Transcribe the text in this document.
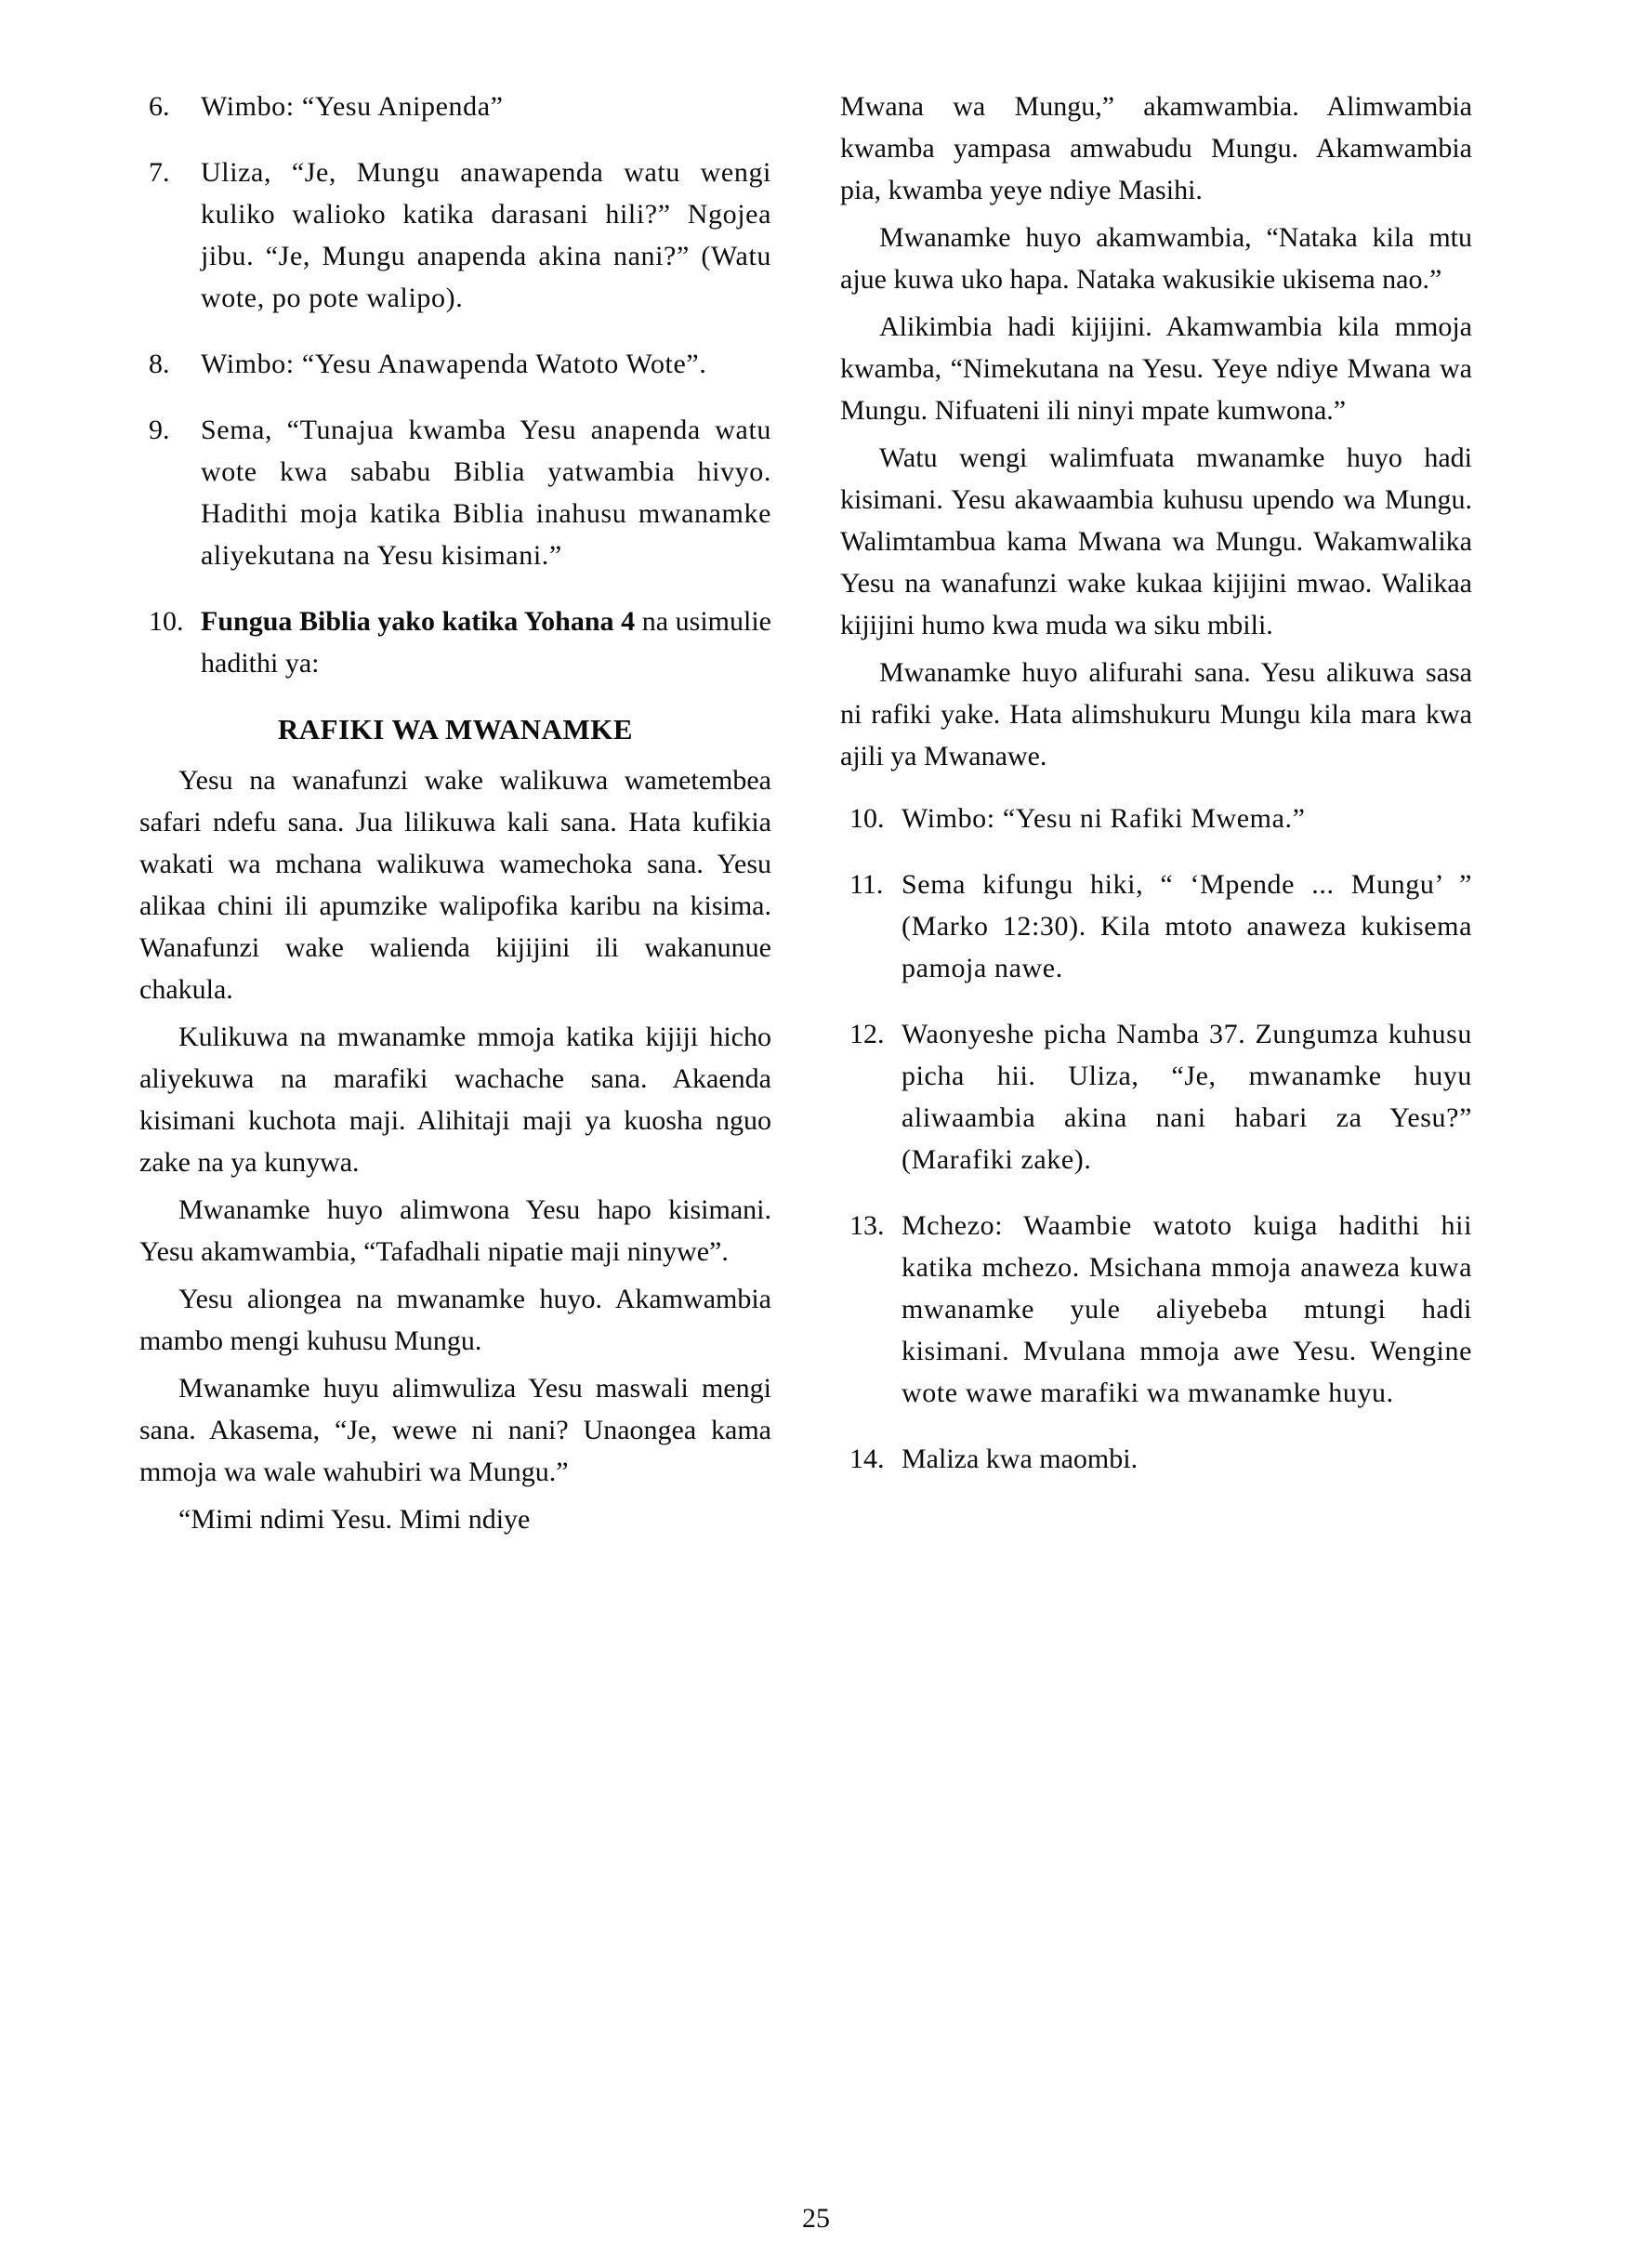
6.	Wimbo: “Yesu Anipenda”
7.	Uliza, “Je, Mungu anawapenda watu wengi kuliko walioko katika darasani hili?” Ngojea jibu. “Je, Mungu anapenda akina nani?” (Watu wote, po pote walipo).
8.	Wimbo: “Yesu Anawapenda Watoto Wote”.
9.	Sema, “Tunajua kwamba Yesu anapenda watu wote kwa sababu Biblia yatwambia hivyo. Hadithi moja katika Biblia inahusu mwanamke aliyekutana na Yesu kisimani.”
10. Fungua Biblia yako katika Yohana 4 na usimulie hadithi ya:
RAFIKI WA MWANAMKE

Yesu na wanafunzi wake walikuwa wametembea safari ndefu sana. Jua lilikuwa kali sana. Hata kufikia wakati wa mchana walikuwa wamechoka sana. Yesu alikaa chini ili apumzike walipofika karibu na kisima. Wanafunzi wake walienda kijijini ili wakanunue chakula.

Kulikuwa na mwanamke mmoja katika kijiji hicho aliyekuwa na marafiki wachache sana. Akaenda kisimani kuchota maji. Alihitaji maji ya kuosha nguo zake na ya kunywa.

Mwanamke huyo alimwona Yesu hapo kisimani. Yesu akamwambia, “Tafadhali nipatie maji ninywe”.

Yesu aliongea na mwanamke huyo. Akamwambia mambo mengi kuhusu Mungu.

Mwanamke huyu alimwuliza Yesu maswali mengi sana. Akasema, “Je, wewe ni nani? Unaongea kama mmoja wa wale wahubiri wa Mungu.”

“Mimi ndimi Yesu. Mimi ndiye

Mwana wa Mungu,” akamwambia. Alimwambia kwamba yampasa amwabudu Mungu. Akamwambia pia, kwamba yeye ndiye Masihi.

Mwanamke huyo akamwambia, “Nataka kila mtu ajue kuwa uko hapa. Nataka wakusikie ukisema nao.”

Alikimbia hadi kijijini. Akamwambia kila mmoja kwamba, “Nimekutana na Yesu. Yeye ndiye Mwana wa Mungu. Nifuateni ili ninyi mpate kumwona.”

Watu wengi walimfuata mwanamke huyo hadi kisimani. Yesu akawaambia kuhusu upendo wa Mungu. Walimtambua kama Mwana wa Mungu. Wakamwalika Yesu na wanafunzi wake kukaa kijijini mwao. Walikaa kijijini humo kwa muda wa siku mbili.

Mwanamke huyo alifurahi sana. Yesu alikuwa sasa ni rafiki yake. Hata alimshukuru Mungu kila mara kwa ajili ya Mwanawe.

10. Wimbo: “Yesu ni Rafiki Mwema.”
11. Sema kifungu hiki, “ ‘Mpende ... Mungu’ ” (Marko 12:30). Kila mtoto anaweza kukisema pamoja nawe.
12. Waonyeshe picha Namba 37. Zungumza kuhusu picha hii. Uliza, “Je, mwanamke huyu aliwaambia akina nani habari za Yesu?” (Marafiki zake).
13. Mchezo: Waambie watoto kuiga hadithi hii katika mchezo. Msichana mmoja anaweza kuwa mwanamke yule aliyebeba mtungi hadi kisimani. Mvulana mmoja awe Yesu. Wengine wote wawe marafiki wa mwanamke huyu.
14. Maliza kwa maombi.
25
